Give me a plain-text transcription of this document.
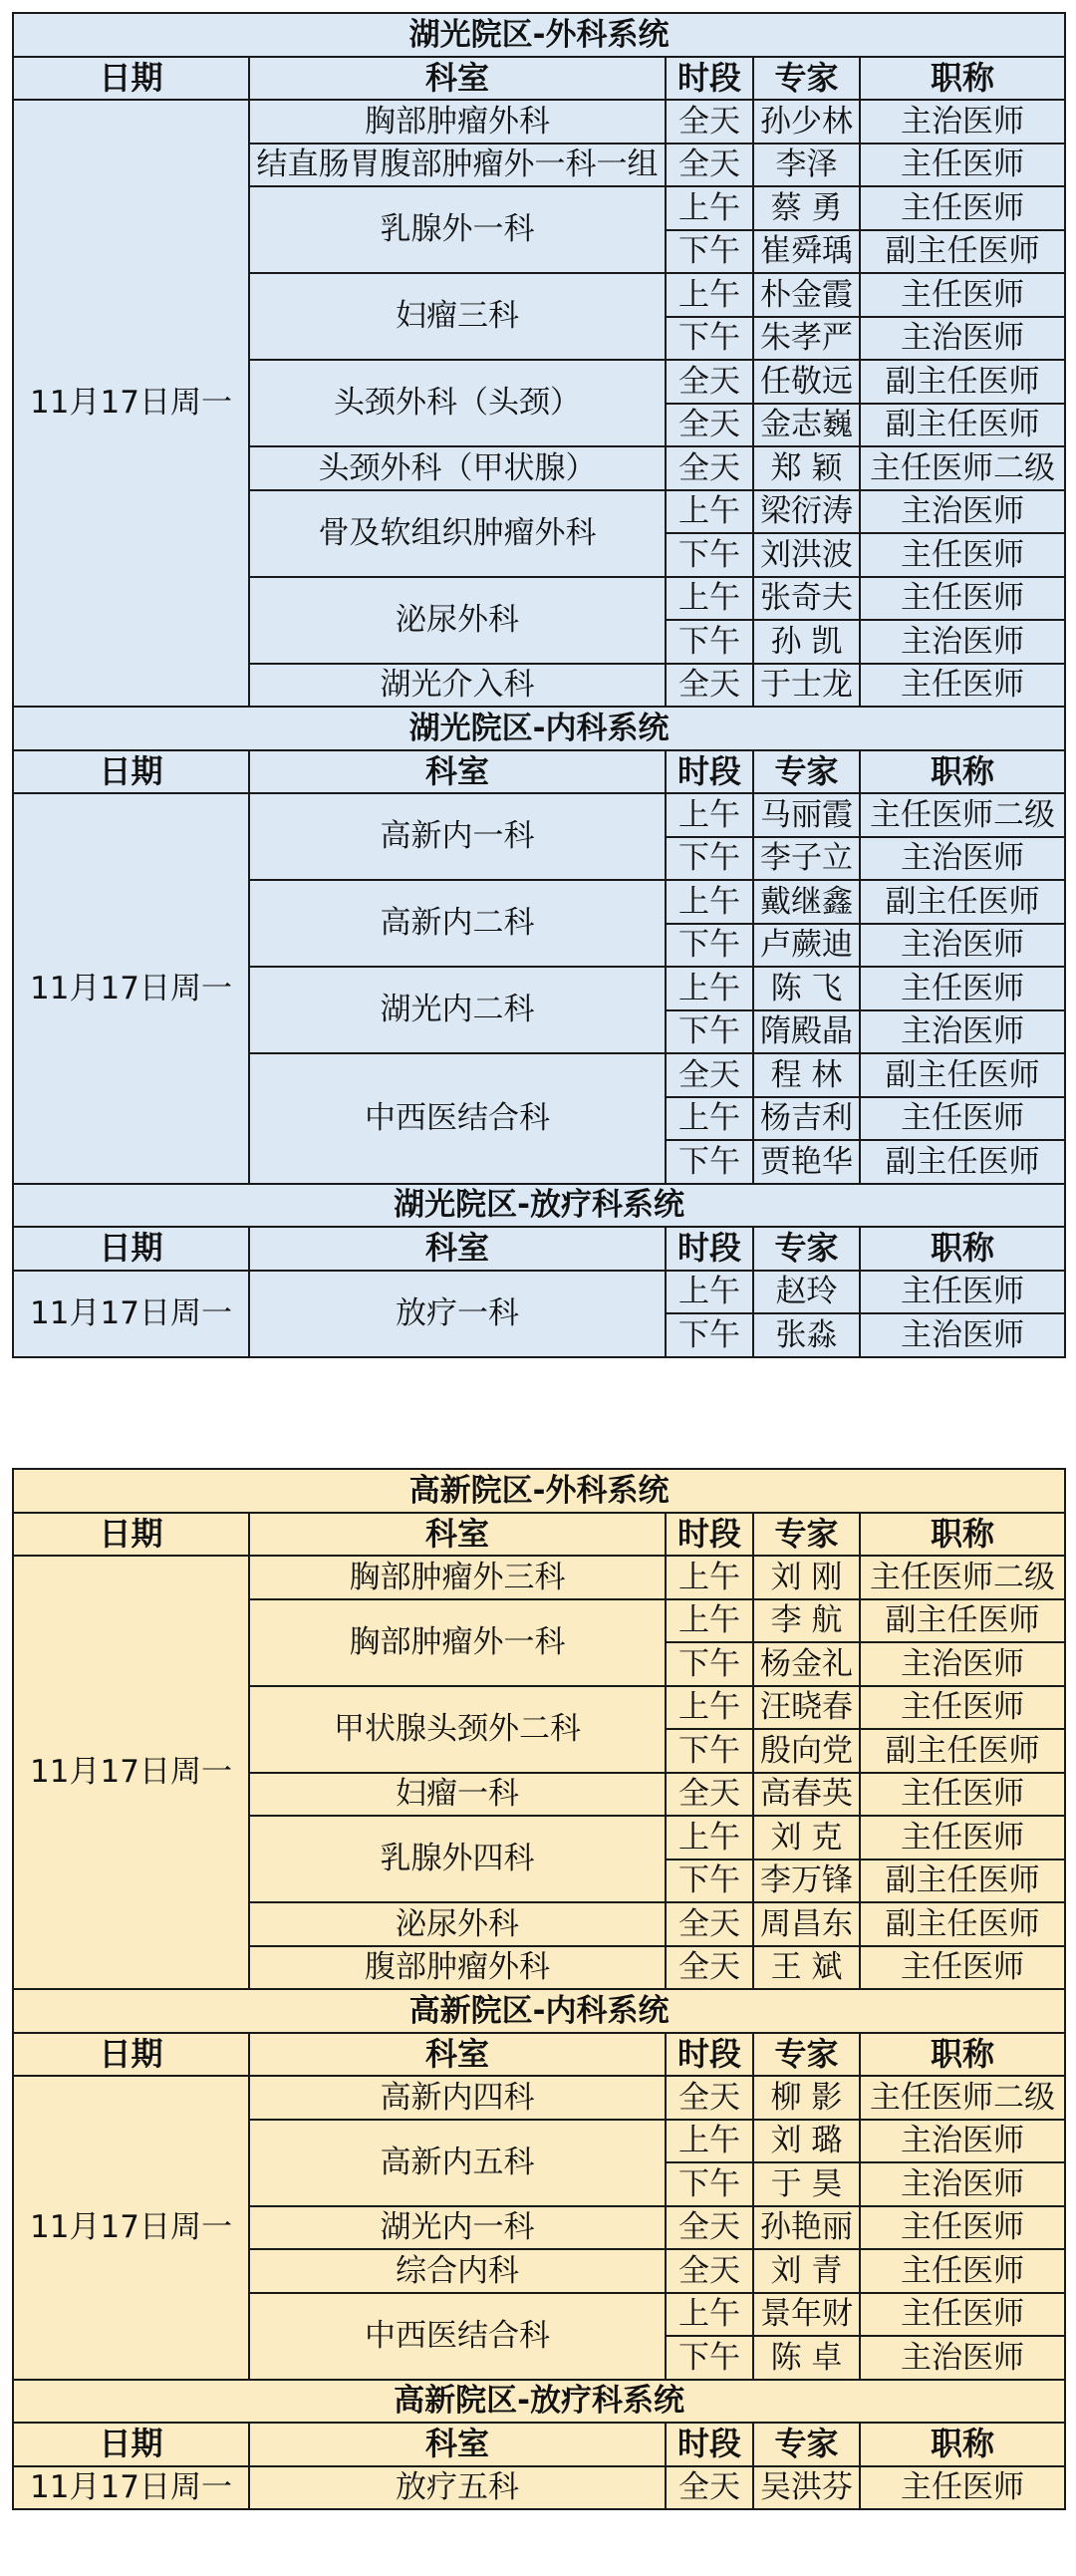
湖光院区-外科系统				
日期	科室	时段	专家	职称
11月17日周一	胸部肿瘤外科	全天	孙少林	主治医师
	结直肠胃腹部肿瘤外一科一组	全天	李泽	主任医师
	乳腺外一科	上午	蔡 勇	主任医师
		下午	崔舜瑀	副主任医师
	妇瘤三科	上午	朴金霞	主任医师
		下午	朱孝严	主治医师
	头颈外科（头颈）	全天	任敬远	副主任医师
		全天	金志巍	副主任医师
	头颈外科（甲状腺）	全天	郑 颖	主任医师二级
	骨及软组织肿瘤外科	上午	梁衍涛	主治医师
		下午	刘洪波	主任医师
	泌尿外科	上午	张奇夫	主任医师
		下午	孙 凯	主治医师
	湖光介入科	全天	于士龙	主任医师
湖光院区-内科系统				
日期	科室	时段	专家	职称
11月17日周一	高新内一科	上午	马丽霞	主任医师二级
		下午	李子立	主治医师
	高新内二科	上午	戴继鑫	副主任医师
		下午	卢蕨迪	主治医师
	湖光内二科	上午	陈 飞	主任医师
		下午	隋殿晶	主治医师
	中西医结合科	全天	程 林	副主任医师
		上午	杨吉利	主任医师
		下午	贾艳华	副主任医师
湖光院区-放疗科系统				
日期	科室	时段	专家	职称
11月17日周一	放疗一科	上午	赵玲	主任医师
		下午	张淼	主治医师
高新院区-外科系统				
日期	科室	时段	专家	职称
11月17日周一	胸部肿瘤外三科	上午	刘 刚	主任医师二级
	胸部肿瘤外一科	上午	李 航	副主任医师
		下午	杨金礼	主治医师
	甲状腺头颈外二科	上午	汪晓春	主任医师
		下午	殷向党	副主任医师
	妇瘤一科	全天	高春英	主任医师
	乳腺外四科	上午	刘 克	主任医师
		下午	李万锋	副主任医师
	泌尿外科	全天	周昌东	副主任医师
	腹部肿瘤外科	全天	王 斌	主任医师
高新院区-内科系统				
日期	科室	时段	专家	职称
11月17日周一	高新内四科	全天	柳 影	主任医师二级
	高新内五科	上午	刘 璐	主治医师
		下午	于 昊	主治医师
	湖光内一科	全天	孙艳丽	主任医师
	综合内科	全天	刘 青	主任医师
	中西医结合科	上午	景年财	主任医师
		下午	陈 卓	主治医师
高新院区-放疗科系统				
日期	科室	时段	专家	职称
11月17日周一	放疗五科	全天	吴洪芬	主任医师
